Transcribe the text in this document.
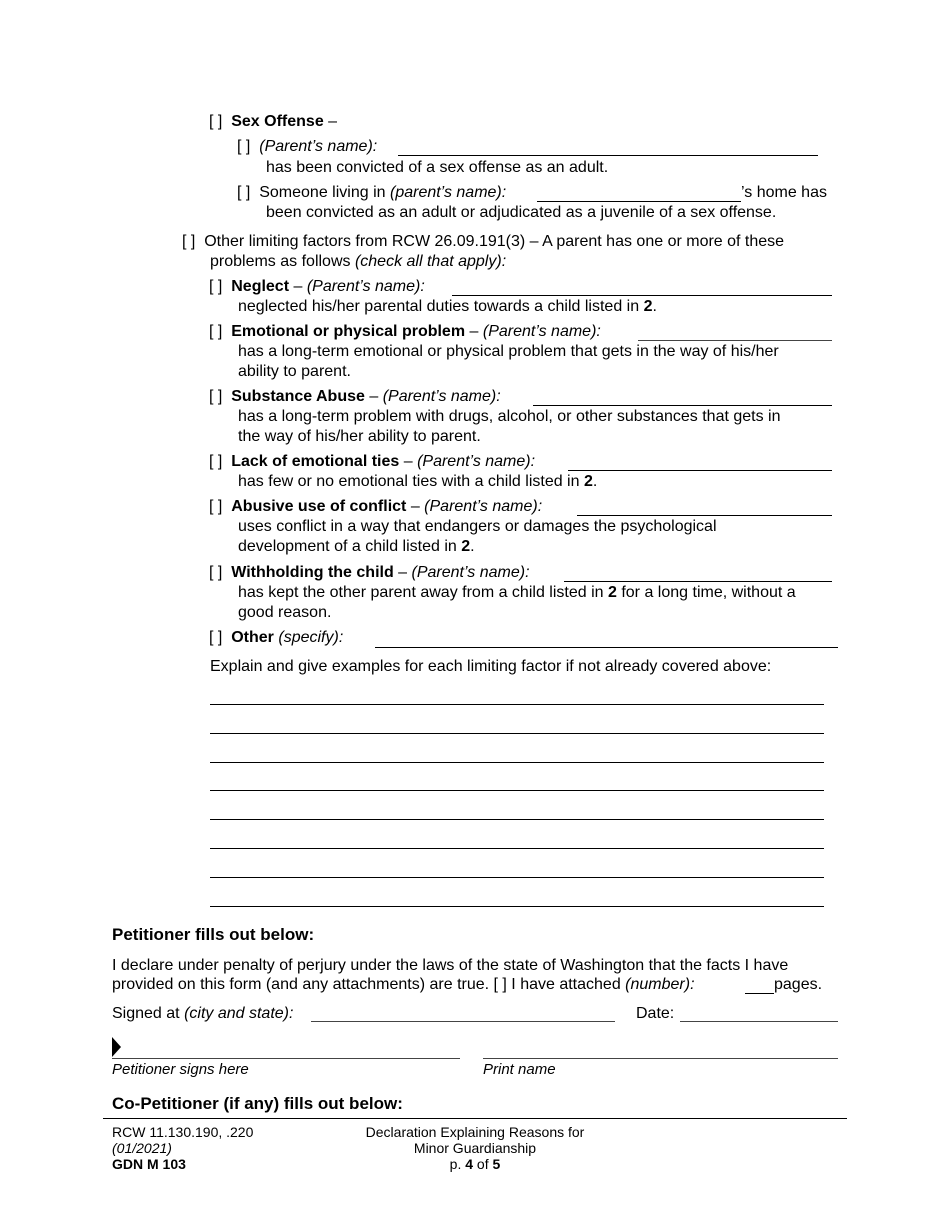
[ ] Sex Offense –
[ ] (Parent’s name):
has been convicted of a sex offense as an adult.
[ ] Someone living in (parent’s name):	’s home has
been convicted as an adult or adjudicated as a juvenile of a sex offense.
[ ] Other limiting factors from RCW 26.09.191(3) – A parent has one or more of these
problems as follows (check all that apply):
[ ] Neglect – (Parent’s name):
neglected his/her parental duties towards a child listed in 2.
[ ] Emotional or physical problem – (Parent’s name):
has a long-term emotional or physical problem that gets in the way of his/her
ability to parent.
[ ] Substance Abuse – (Parent’s name):
has a long-term problem with drugs, alcohol, or other substances that gets in
the way of his/her ability to parent.
[ ] Lack of emotional ties – (Parent’s name):
has few or no emotional ties with a child listed in 2.
[ ] Abusive use of conflict – (Parent’s name):
uses conflict in a way that endangers or damages the psychological
development of a child listed in 2.
[ ] Withholding the child – (Parent’s name):
has kept the other parent away from a child listed in 2 for a long time, without a
good reason.
[ ] Other (specify):
Explain and give examples for each limiting factor if not already covered above:
Petitioner fills out below:
I declare under penalty of perjury under the laws of the state of Washington that the facts I have
provided on this form (and any attachments) are true. [ ] I have attached (number):	pages.
Signed at (city and state):	Date:
Petitioner signs here	Print name
Co-Petitioner (if any) fills out below:
RCW 11.130.190, .220
(01/2021)
GDN M 103
Declaration Explaining Reasons for
Minor Guardianship
p. 4 of 5
